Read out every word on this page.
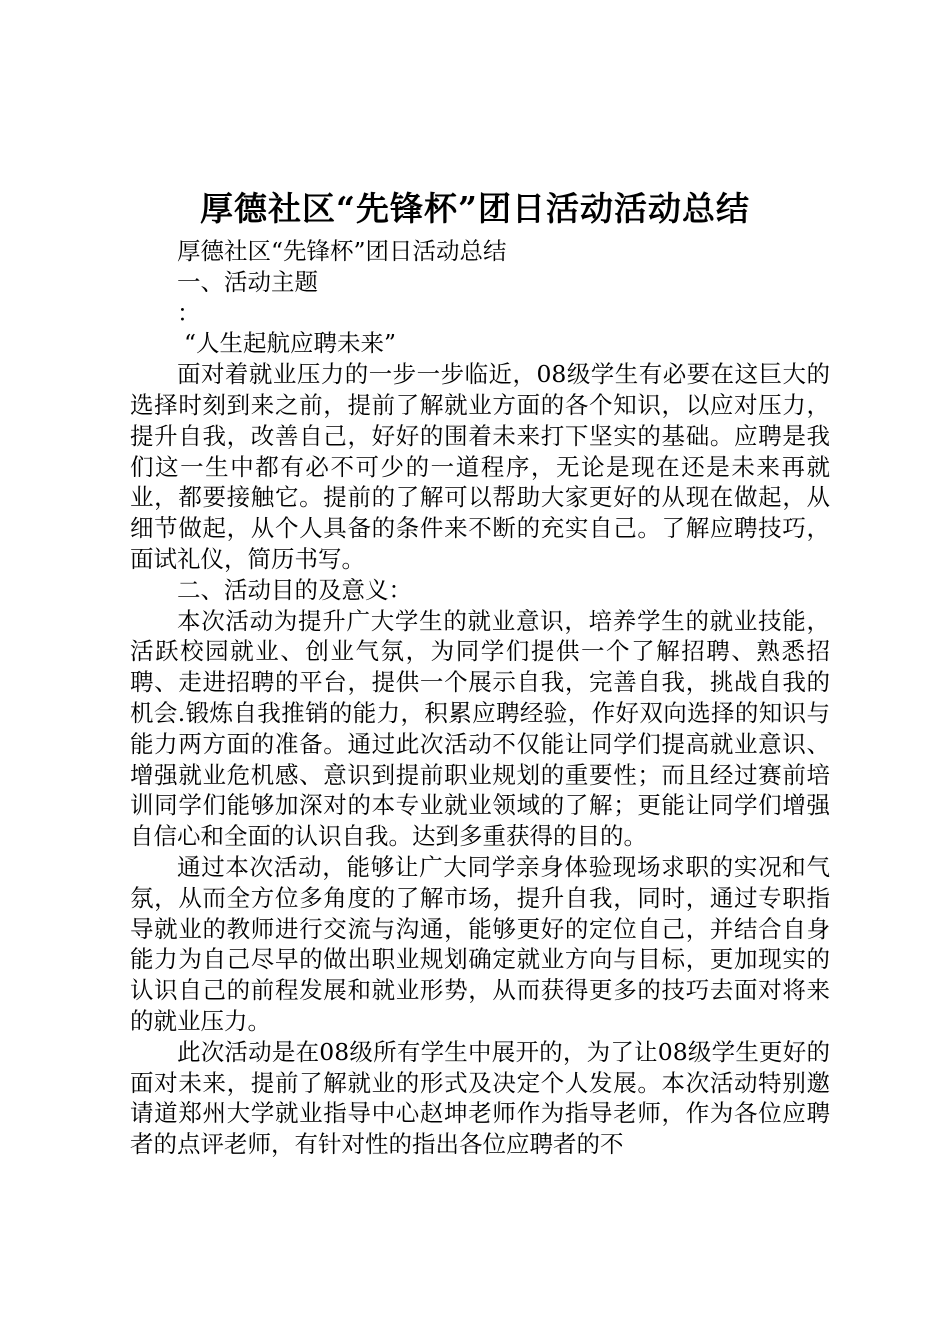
厚德社区“先锋杯”团日活动活动总结

厚德社区“先锋杯”团日活动总结

一、活动主题

：

“人生起航应聘未来”

面对着就业压力的一步一步临近，08级学生有必要在这巨大的选择时刻到来之前，提前了解就业方面的各个知识，以应对压力，提升自我，改善自己，好好的围着未来打下坚实的基础。应聘是我们这一生中都有必不可少的一道程序，无论是现在还是未来再就业，都要接触它。提前的了解可以帮助大家更好的从现在做起，从细节做起，从个人具备的条件来不断的充实自己。了解应聘技巧，面试礼仪，简历书写。

二、活动目的及意义：

本次活动为提升广大学生的就业意识，培养学生的就业技能，活跃校园就业、创业气氛，为同学们提供一个了解招聘、熟悉招聘、走进招聘的平台，提供一个展示自我，完善自我，挑战自我的机会.锻炼自我推销的能力，积累应聘经验，作好双向选择的知识与能力两方面的准备。通过此次活动不仅能让同学们提高就业意识、增强就业危机感、意识到提前职业规划的重要性；而且经过赛前培训同学们能够加深对的本专业就业领域的了解；更能让同学们增强自信心和全面的认识自我。达到多重获得的目的。

通过本次活动，能够让广大同学亲身体验现场求职的实况和气氛，从而全方位多角度的了解市场，提升自我，同时，通过专职指导就业的教师进行交流与沟通，能够更好的定位自己，并结合自身能力为自己尽早的做出职业规划确定就业方向与目标，更加现实的认识自己的前程发展和就业形势，从而获得更多的技巧去面对将来的就业压力。

此次活动是在08级所有学生中展开的，为了让08级学生更好的面对未来，提前了解就业的形式及决定个人发展。本次活动特别邀请道郑州大学就业指导中心赵坤老师作为指导老师，作为各位应聘者的点评老师，有针对性的指出各位应聘者的不
